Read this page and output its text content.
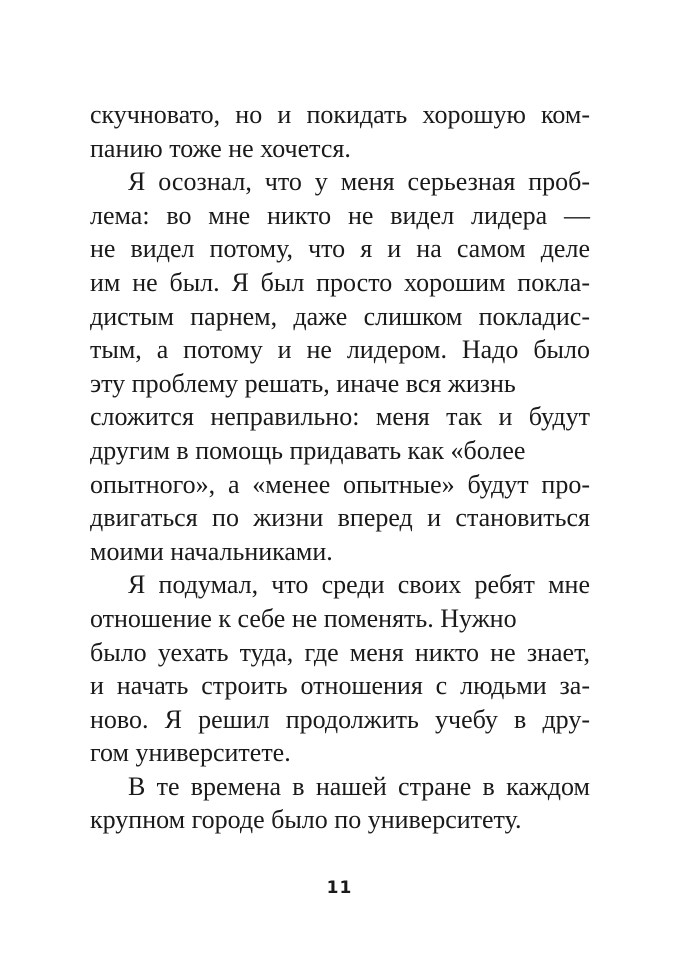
скучновато, но и покидать хорошую ком-
панию тоже не хочется.
Я осознал, что у меня серьезная проб-
лема: во мне никто не видел лидера —
не видел потому, что я и на самом деле
им не был. Я был просто хорошим покла-
дистым парнем, даже слишком покладис-
тым, а потому и не лидером. Надо было
эту проблему решать, иначе вся жизнь
сложится неправильно: меня так и будут
другим в помощь придавать как «более
опытного», а «менее опытные» будут про-
двигаться по жизни вперед и становиться
моими начальниками.
Я подумал, что среди своих ребят мне
отношение к себе не поменять. Нужно
было уехать туда, где меня никто не знает,
и начать строить отношения с людьми за-
ново. Я решил продолжить учебу в дру-
гом университете.
В те времена в нашей стране в каждом
крупном городе было по университету.
11
